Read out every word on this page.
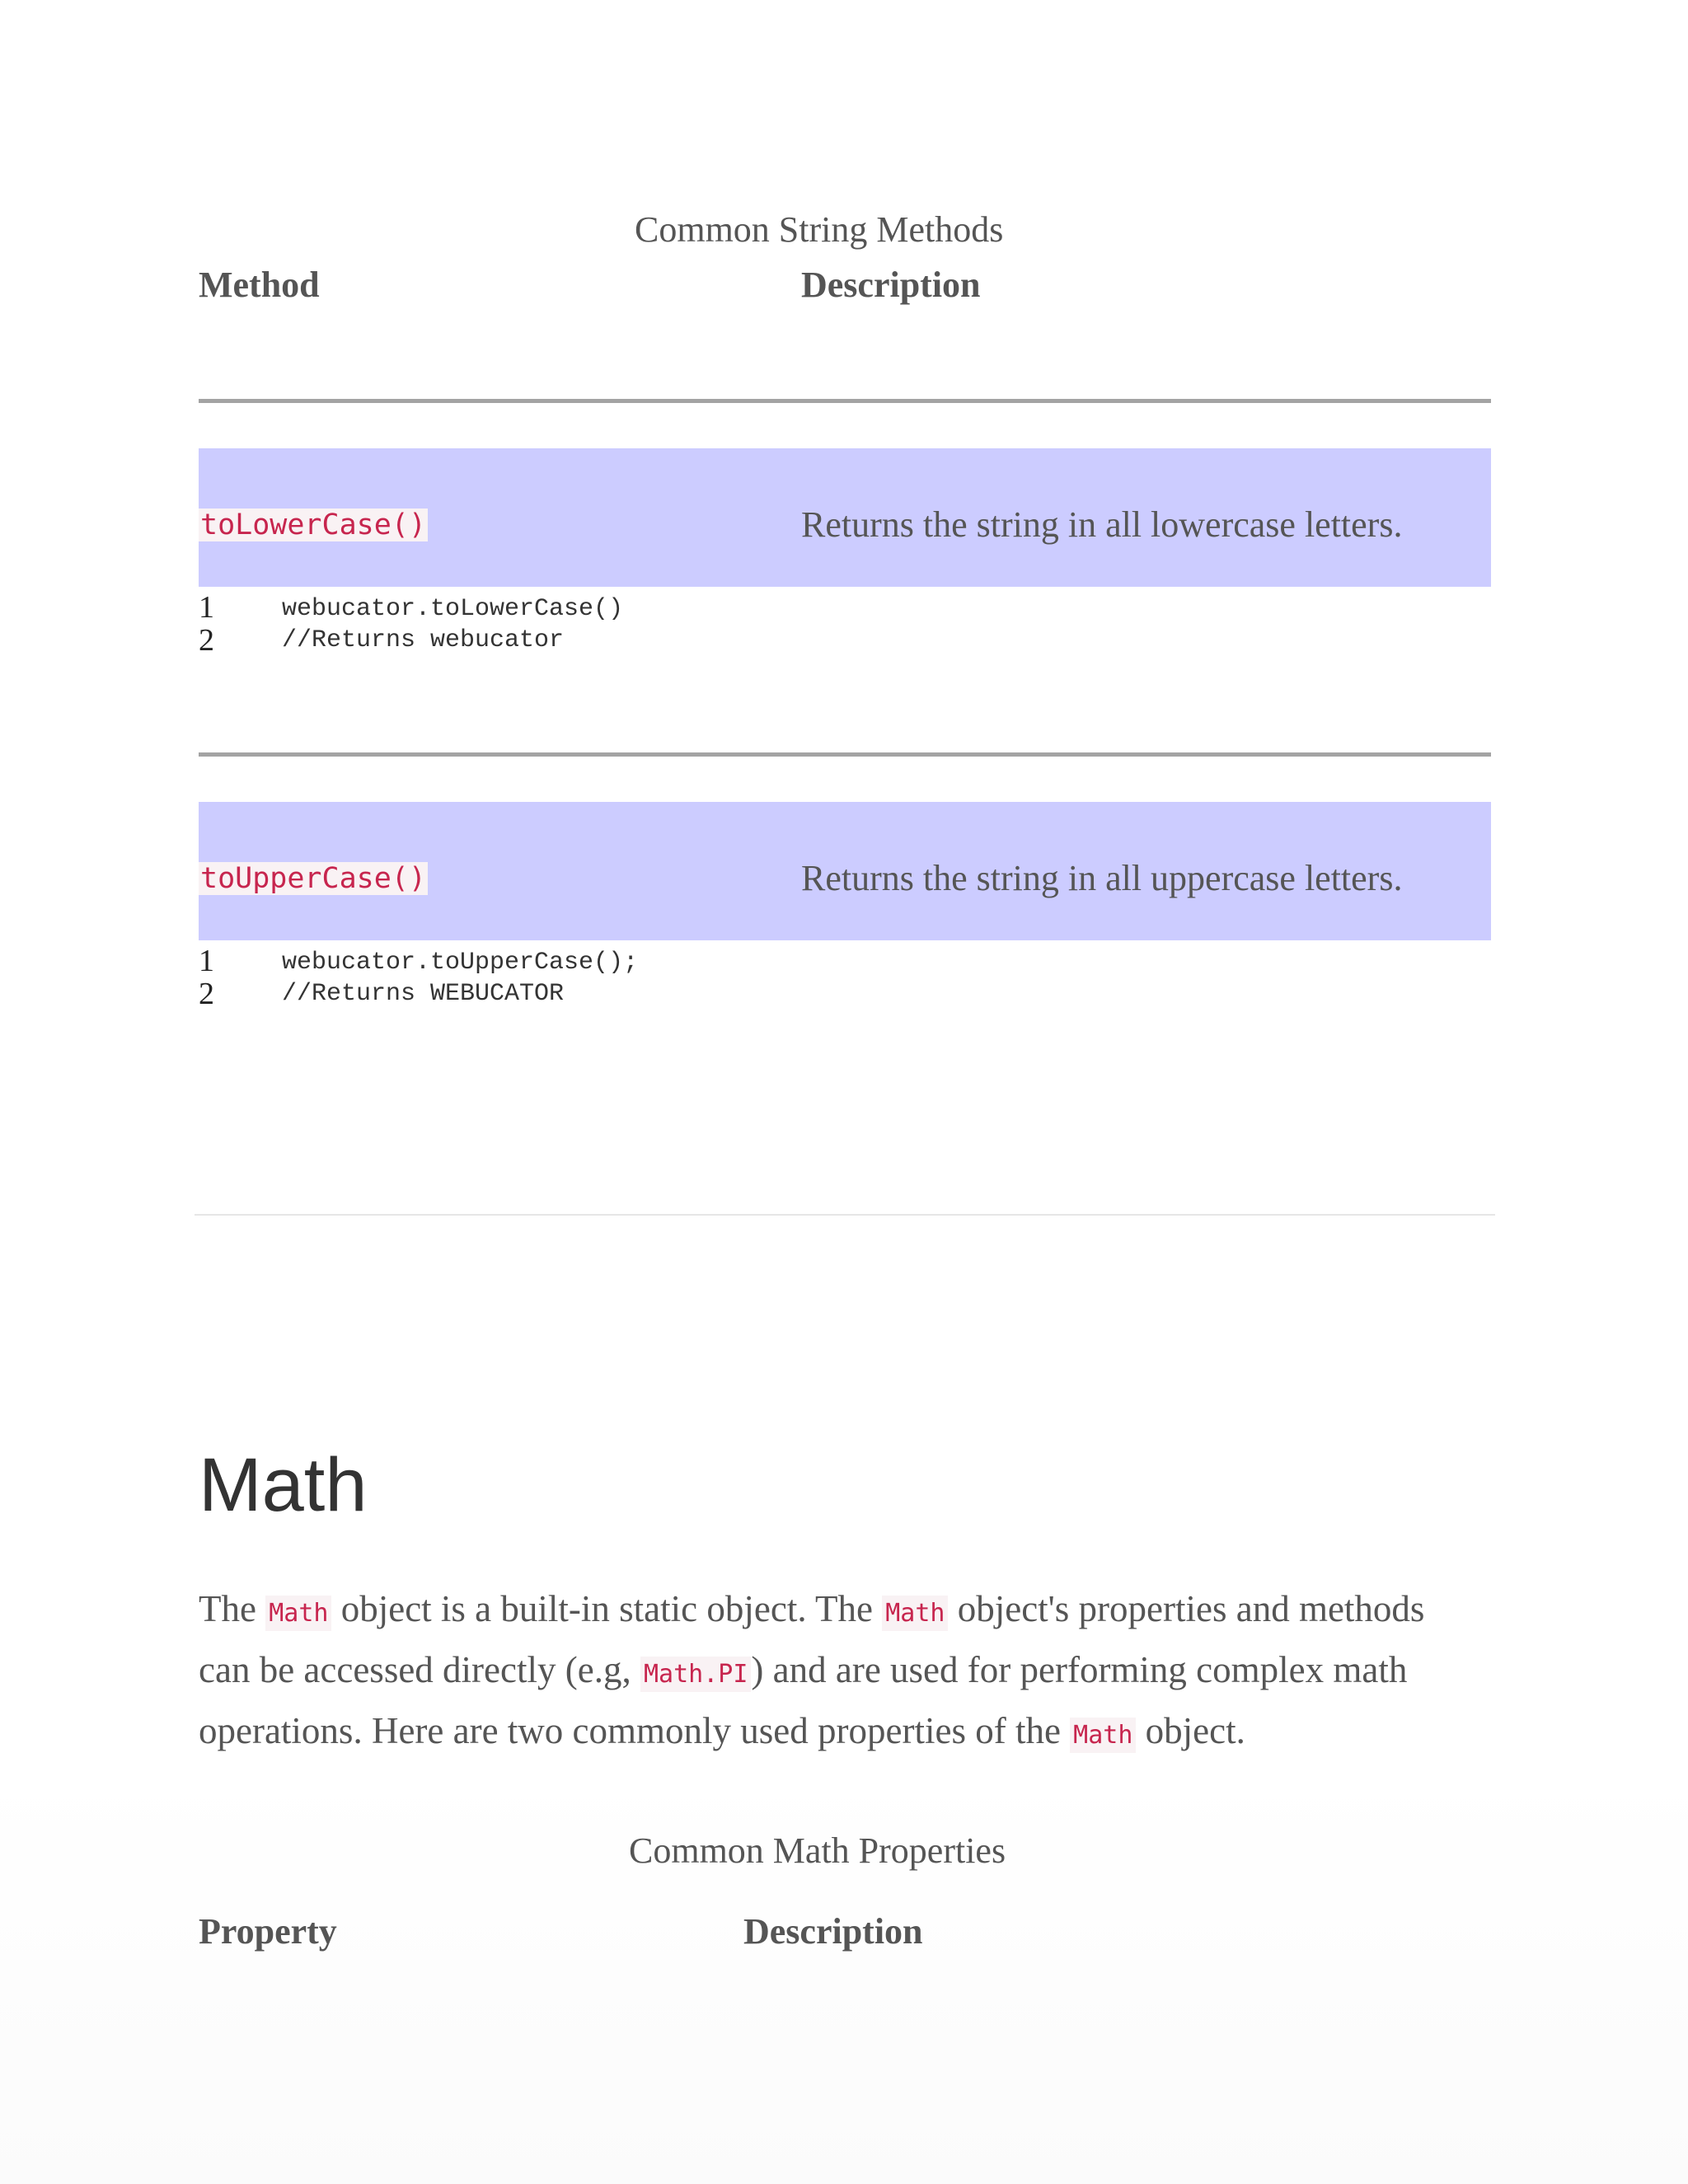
Common String Methods
Method	Description
toLowerCase()	Returns the string in all lowercase letters.
1
2
webucator.toLowerCase()
//Returns webucator
toUpperCase()	Returns the string in all uppercase letters.
1
2
webucator.toUpperCase();
//Returns WEBUCATOR
Math
The Math object is a built-in static object. The Math object's properties and methods can be accessed directly (e.g, Math.PI) and are used for performing complex math operations. Here are two commonly used properties of the Math object.
Common Math Properties
Property	Description
